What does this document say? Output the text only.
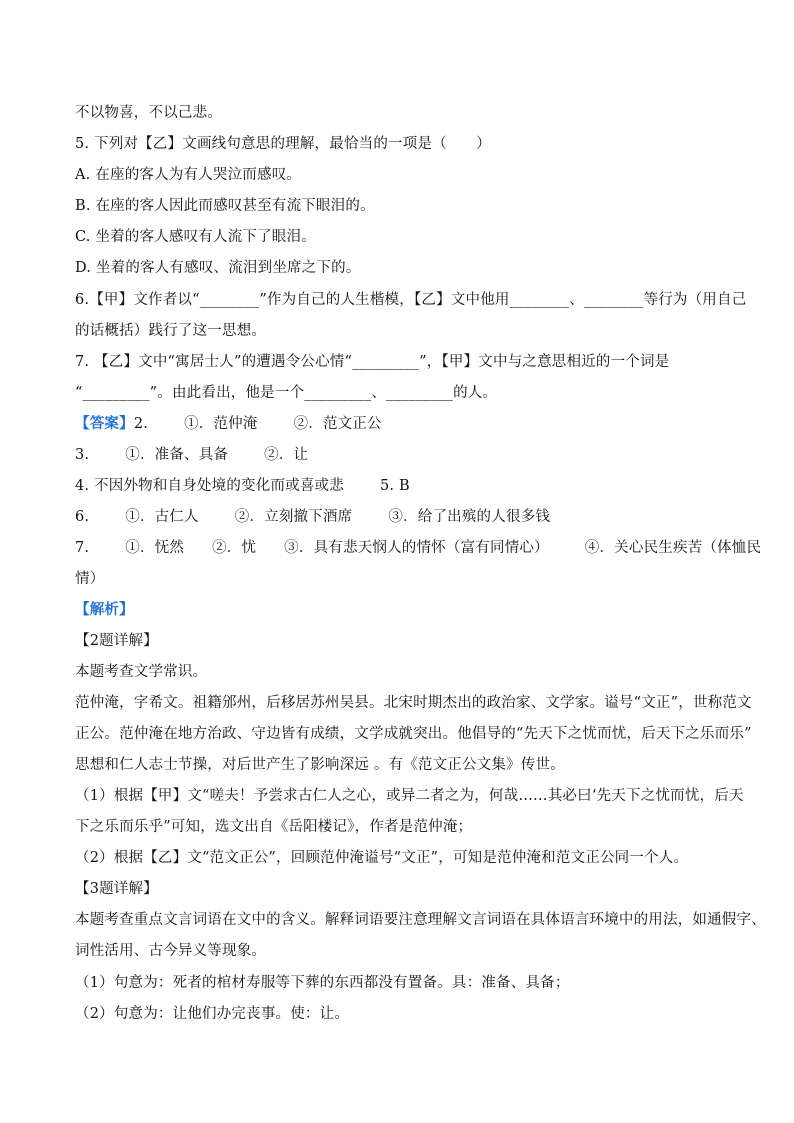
不以物喜，不以己悲。
5. 下列对【乙】文画线句意思的理解，最恰当的一项是（　　）
A. 在座的客人为有人哭泣而感叹。
B. 在座的客人因此而感叹甚至有流下眼泪的。
C. 坐着的客人感叹有人流下了眼泪。
D. 坐着的客人有感叹、流泪到坐席之下的。
6.【甲】文作者以“________”作为自己的人生楷模，【乙】文中他用________、________等行为（用自己
的话概括）践行了这一思想。
7. 【乙】文中“寓居士人”的遭遇令公心情“_________”，【甲】文中与之意思相近的一个词是
“_________”。由此看出，他是一个_________、_________的人。
【答案】2. ①．范仲淹 ②．范文正公
3. ①．准备、具备 ②．让
4. 不因外物和自身处境的变化而或喜或悲 5. B
6. ①．古仁人 ②．立刻撤下酒席 ③．给了出殡的人很多钱
7. ①．怃然 ②．忧 ③．具有悲天悯人的情怀（富有同情心） ④．关心民生疾苦（体恤民
情）
【解析】
【2题详解】
本题考查文学常识。
范仲淹，字希文。祖籍邠州，后移居苏州吴县。北宋时期杰出的政治家、文学家。谥号“文正”，世称范文
正公。范仲淹在地方治政、守边皆有成绩，文学成就突出。他倡导的“先天下之忧而忧，后天下之乐而乐”
思想和仁人志士节操，对后世产生了影响深远 。有《范文正公文集》传世。
（1）根据【甲】文“嗟夫！予尝求古仁人之心，或异二者之为，何哉……其必曰‘先天下之忧而忧，后天
下之乐而乐乎”可知，选文出自《岳阳楼记》，作者是范仲淹；
（2）根据【乙】文“范文正公”，回顾范仲淹谥号“文正”，可知是范仲淹和范文正公同一个人。
【3题详解】
本题考查重点文言词语在文中的含义。解释词语要注意理解文言词语在具体语言环境中的用法，如通假字、
词性活用、古今异义等现象。
（1）句意为：死者的棺材寿服等下葬的东西都没有置备。具：准备、具备；
（2）句意为：让他们办完丧事。使：让。
